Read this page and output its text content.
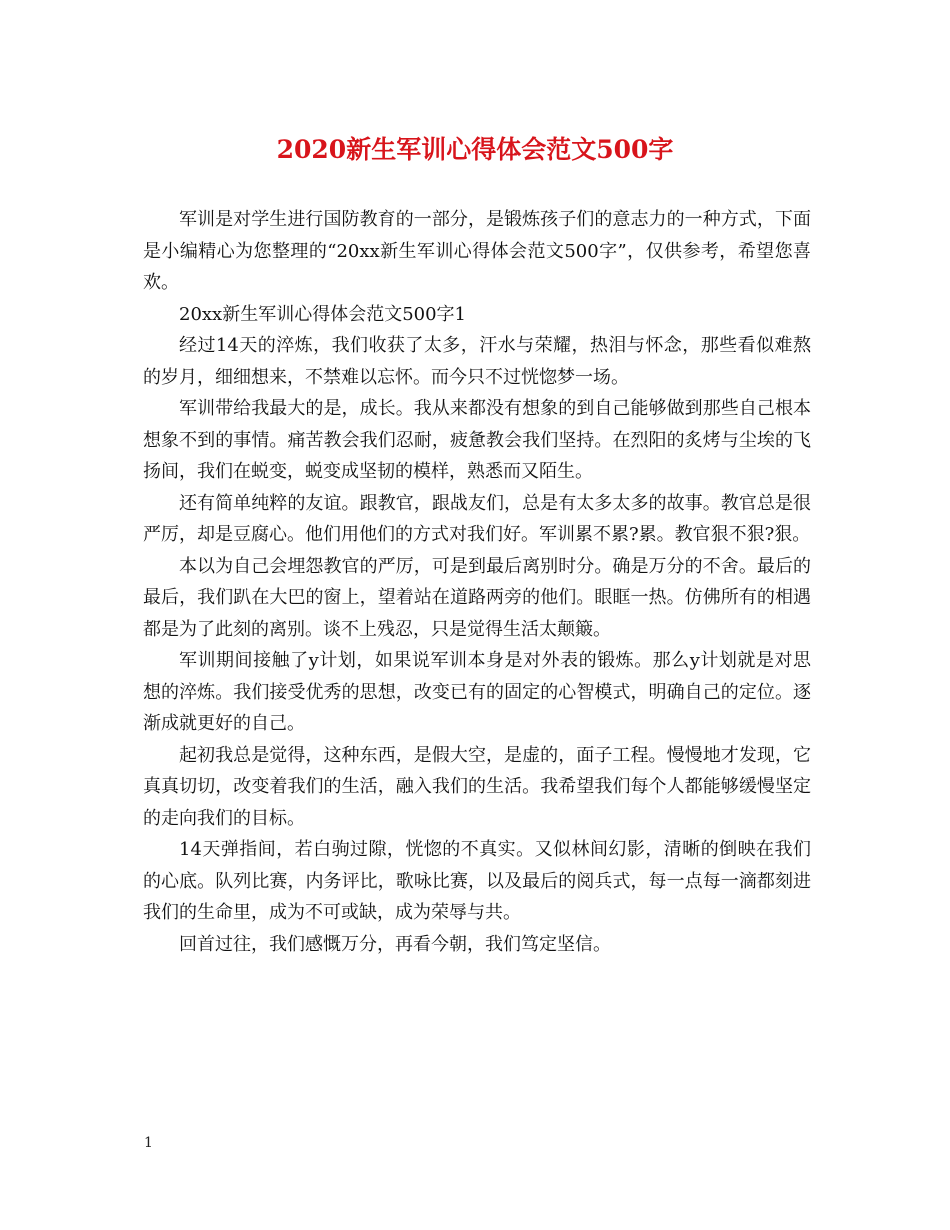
2020新生军训心得体会范文500字

军训是对学生进行国防教育的一部分，是锻炼孩子们的意志力的一种方式，下面是小编精心为您整理的“20xx新生军训心得体会范文500字”，仅供参考，希望您喜欢。

20xx新生军训心得体会范文500字1

经过14天的淬炼，我们收获了太多，汗水与荣耀，热泪与怀念，那些看似难熬的岁月，细细想来，不禁难以忘怀。而今只不过恍惚梦一场。

军训带给我最大的是，成长。我从来都没有想象的到自己能够做到那些自己根本想象不到的事情。痛苦教会我们忍耐，疲惫教会我们坚持。在烈阳的炙烤与尘埃的飞扬间，我们在蜕变，蜕变成坚韧的模样，熟悉而又陌生。

还有简单纯粹的友谊。跟教官，跟战友们，总是有太多太多的故事。教官总是很严厉，却是豆腐心。他们用他们的方式对我们好。军训累不累?累。教官狠不狠?狠。

本以为自己会埋怨教官的严厉，可是到最后离别时分。确是万分的不舍。最后的最后，我们趴在大巴的窗上，望着站在道路两旁的他们。眼眶一热。仿佛所有的相遇都是为了此刻的离别。谈不上残忍，只是觉得生活太颠簸。

军训期间接触了y计划，如果说军训本身是对外表的锻炼。那么y计划就是对思想的淬炼。我们接受优秀的思想，改变已有的固定的心智模式，明确自己的定位。逐渐成就更好的自己。

起初我总是觉得，这种东西，是假大空，是虚的，面子工程。慢慢地才发现，它真真切切，改变着我们的生活，融入我们的生活。我希望我们每个人都能够缓慢坚定的走向我们的目标。

14天弹指间，若白驹过隙，恍惚的不真实。又似林间幻影，清晰的倒映在我们的心底。队列比赛，内务评比，歌咏比赛，以及最后的阅兵式，每一点每一滴都刻进我们的生命里，成为不可或缺，成为荣辱与共。

回首过往，我们感慨万分，再看今朝，我们笃定坚信。

1
